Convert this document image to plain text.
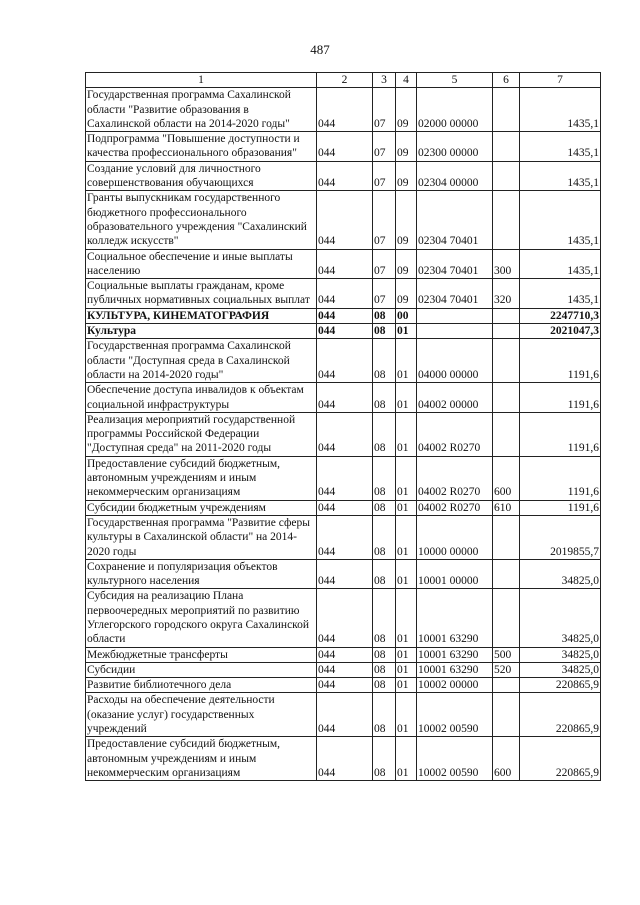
487
1	2	3	4	5	6	7
Государственная программа Сахалинской области "Развитие образования в Сахалинской области на 2014-2020 годы"	044	07	09	02000 00000		1435,1
Подпрограмма "Повышение доступности и качества профессионального образования"	044	07	09	02300 00000		1435,1
Создание условий для личностного совершенствования обучающихся	044	07	09	02304 00000		1435,1
Гранты выпускникам государственного бюджетного профессионального образовательного учреждения "Сахалинский колледж искусств"	044	07	09	02304 70401		1435,1
Социальное обеспечение и иные выплаты населению	044	07	09	02304 70401	300	1435,1
Социальные выплаты гражданам, кроме публичных нормативных социальных выплат	044	07	09	02304 70401	320	1435,1
КУЛЬТУРА, КИНЕМАТОГРАФИЯ	044	08	00			2247710,3
Культура	044	08	01			2021047,3
Государственная программа Сахалинской области "Доступная среда в Сахалинской области на 2014-2020 годы"	044	08	01	04000 00000		1191,6
Обеспечение доступа инвалидов к объектам социальной инфраструктуры	044	08	01	04002 00000		1191,6
Реализация мероприятий государственной программы Российской Федерации "Доступная среда" на 2011-2020 годы	044	08	01	04002 R0270		1191,6
Предоставление субсидий бюджетным, автономным учреждениям и иным некоммерческим организациям	044	08	01	04002 R0270	600	1191,6
Субсидии бюджетным учреждениям	044	08	01	04002 R0270	610	1191,6
Государственная программа "Развитие сферы культуры в Сахалинской области" на 2014-2020 годы	044	08	01	10000 00000		2019855,7
Сохранение и популяризация объектов культурного населения	044	08	01	10001 00000		34825,0
Субсидия на реализацию Плана первоочередных мероприятий по развитию Углегорского городского округа Сахалинской области	044	08	01	10001 63290		34825,0
Межбюджетные трансферты	044	08	01	10001 63290	500	34825,0
Субсидии	044	08	01	10001 63290	520	34825,0
Развитие библиотечного дела	044	08	01	10002 00000		220865,9
Расходы на обеспечение деятельности (оказание услуг) государственных учреждений	044	08	01	10002 00590		220865,9
Предоставление субсидий бюджетным, автономным учреждениям и иным некоммерческим организациям	044	08	01	10002 00590	600	220865,9
